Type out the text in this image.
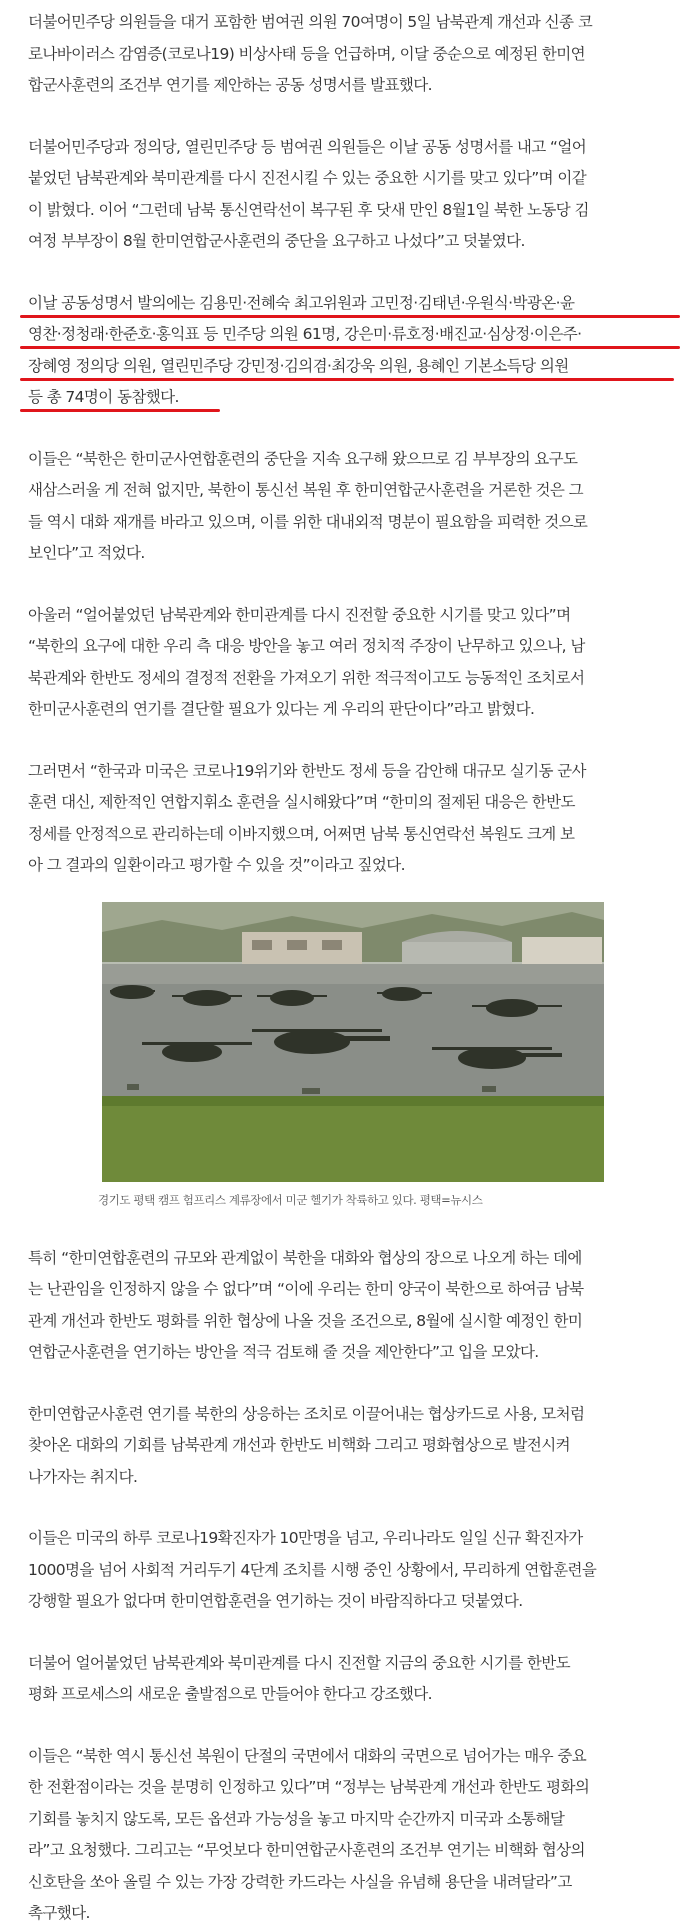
더불어민주당 의원들을 대거 포함한 범여권 의원 70여명이 5일 남북관계 개선과 신종 코
로나바이러스 감염증(코로나19) 비상사태 등을 언급하며, 이달 중순으로 예정된 한미연
합군사훈련의 조건부 연기를 제안하는 공동 성명서를 발표했다.
더불어민주당과 정의당, 열린민주당 등 범여권 의원들은 이날 공동 성명서를 내고 “얼어
붙었던 남북관계와 북미관계를 다시 진전시킬 수 있는 중요한 시기를 맞고 있다”며 이같
이 밝혔다. 이어 “그런데 남북 통신연락선이 복구된 후 닷새 만인 8월1일 북한 노동당 김
여정 부부장이 8월 한미연합군사훈련의 중단을 요구하고 나섰다”고 덧붙였다.
이날 공동성명서 발의에는 김용민·전혜숙 최고위원과 고민정·김태년·우원식·박광온·윤
영찬·정청래·한준호·홍익표 등 민주당 의원 61명, 강은미·류호정·배진교·심상정·이은주·
장혜영 정의당 의원, 열린민주당 강민정·김의겸·최강욱 의원, 용혜인 기본소득당 의원
등 총 74명이 동참했다.
이들은 “북한은 한미군사연합훈련의 중단을 지속 요구해 왔으므로 김 부부장의 요구도
새삼스러울 게 전혀 없지만, 북한이 통신선 복원 후 한미연합군사훈련을 거론한 것은 그
들 역시 대화 재개를 바라고 있으며, 이를 위한 대내외적 명분이 필요함을 피력한 것으로
보인다”고 적었다.
아울러 “얼어붙었던 남북관계와 한미관계를 다시 진전할 중요한 시기를 맞고 있다”며
“북한의 요구에 대한 우리 측 대응 방안을 놓고 여러 정치적 주장이 난무하고 있으나, 남
북관계와 한반도 정세의 결정적 전환을 가져오기 위한 적극적이고도 능동적인 조치로서
한미군사훈련의 연기를 결단할 필요가 있다는 게 우리의 판단이다”라고 밝혔다.
그러면서 “한국과 미국은 코로나19위기와 한반도 정세 등을 감안해 대규모 실기동 군사
훈련 대신, 제한적인 연합지휘소 훈련을 실시해왔다”며 “한미의 절제된 대응은 한반도
정세를 안정적으로 관리하는데 이바지했으며, 어쩌면 남북 통신연락선 복원도 크게 보
아 그 결과의 일환이라고 평가할 수 있을 것”이라고 짚었다.

경기도 평택 캠프 험프리스 계류장에서 미군 헬기가 착륙하고 있다. 평택=뉴시스

특히 “한미연합훈련의 규모와 관계없이 북한을 대화와 협상의 장으로 나오게 하는 데에
는 난관임을 인정하지 않을 수 없다”며 “이에 우리는 한미 양국이 북한으로 하여금 남북
관계 개선과 한반도 평화를 위한 협상에 나올 것을 조건으로, 8월에 실시할 예정인 한미
연합군사훈련을 연기하는 방안을 적극 검토해 줄 것을 제안한다”고 입을 모았다.
한미연합군사훈련 연기를 북한의 상응하는 조치로 이끌어내는 협상카드로 사용, 모처럼
찾아온 대화의 기회를 남북관계 개선과 한반도 비핵화 그리고 평화협상으로 발전시켜
나가자는 취지다.
이들은 미국의 하루 코로나19확진자가 10만명을 넘고, 우리나라도 일일 신규 확진자가
1000명을 넘어 사회적 거리두기 4단계 조치를 시행 중인 상황에서, 무리하게 연합훈련을
강행할 필요가 없다며 한미연합훈련을 연기하는 것이 바람직하다고 덧붙였다.
더불어 얼어붙었던 남북관계와 북미관계를 다시 진전할 지금의 중요한 시기를 한반도
평화 프로세스의 새로운 출발점으로 만들어야 한다고 강조했다.
이들은 “북한 역시 통신선 복원이 단절의 국면에서 대화의 국면으로 넘어가는 매우 중요
한 전환점이라는 것을 분명히 인정하고 있다”며 “정부는 남북관계 개선과 한반도 평화의
기회를 놓치지 않도록, 모든 옵션과 가능성을 놓고 마지막 순간까지 미국과 소통해달
라”고 요청했다. 그리고는 “무엇보다 한미연합군사훈련의 조건부 연기는 비핵화 협상의
신호탄을 쏘아 올릴 수 있는 가장 강력한 카드라는 사실을 유념해 용단을 내려달라”고
촉구했다.
